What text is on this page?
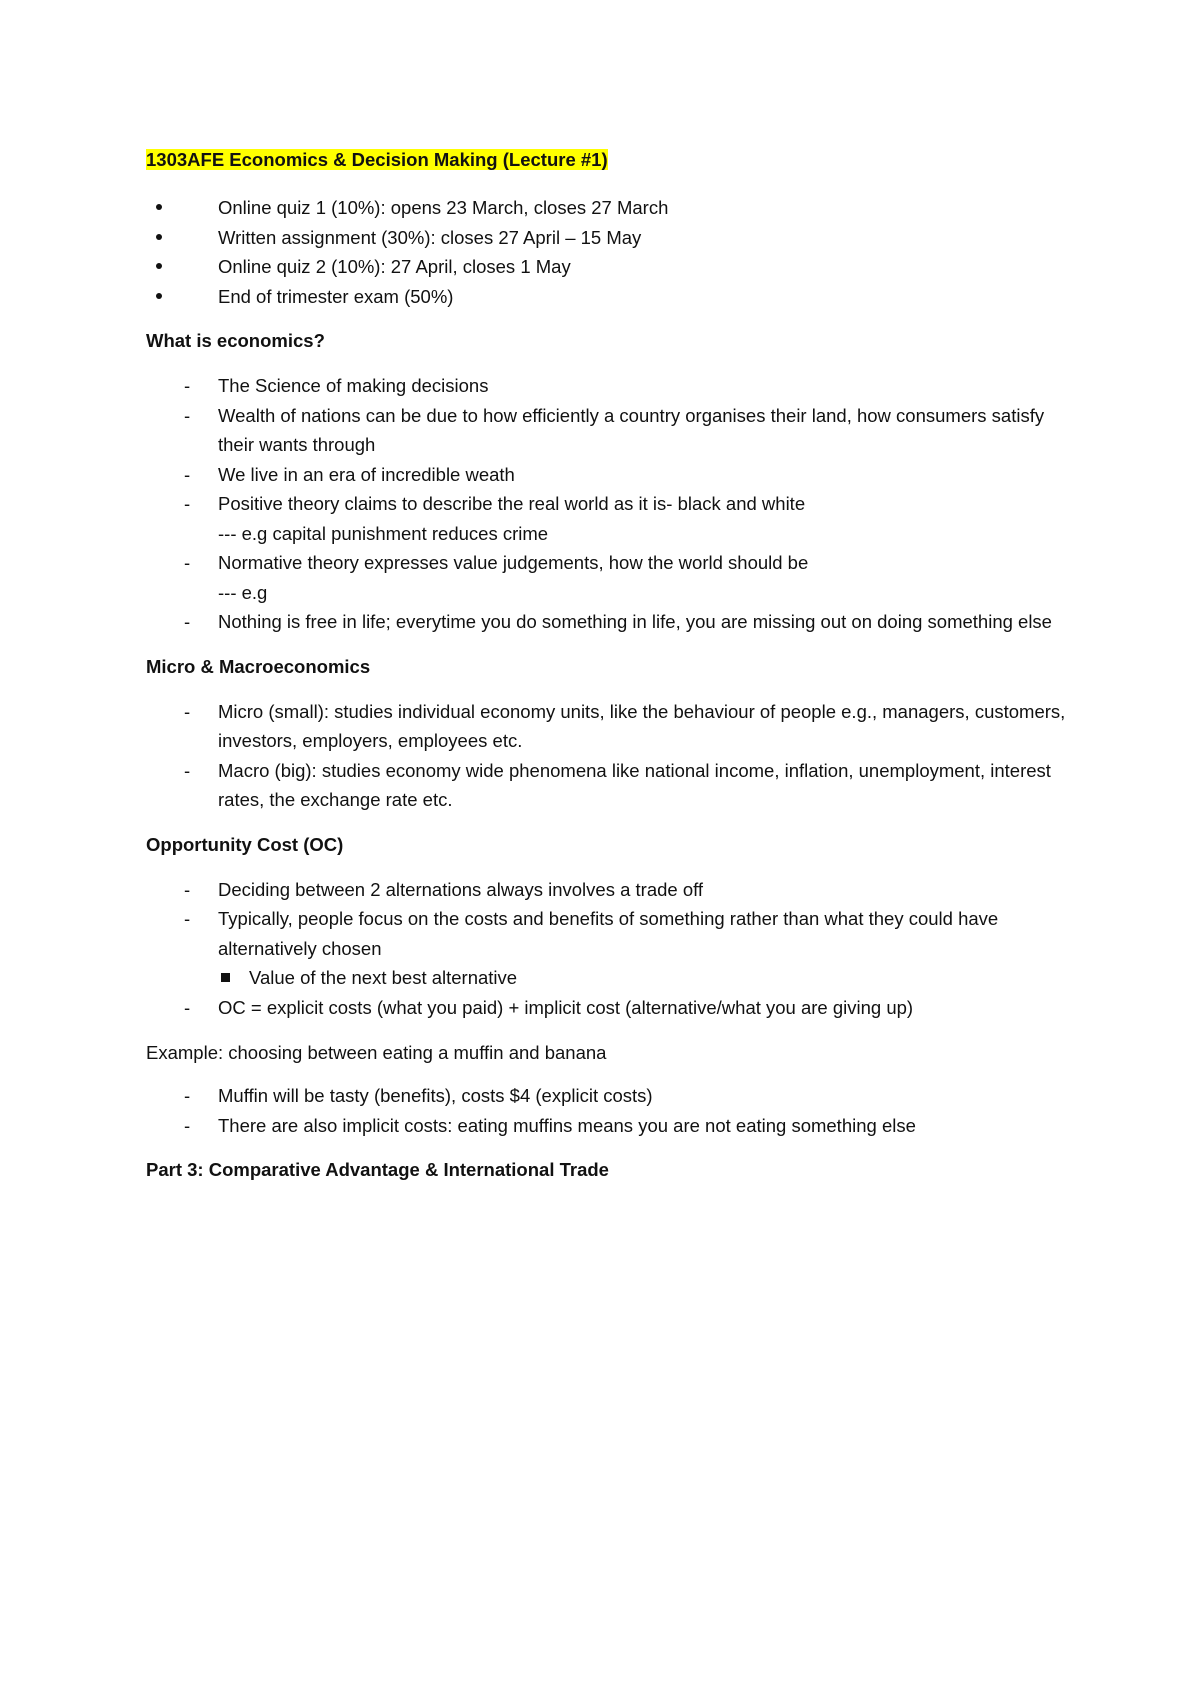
1303AFE Economics & Decision Making (Lecture #1)
Online quiz 1 (10%): opens 23 March, closes 27 March
Written assignment (30%): closes 27 April – 15 May
Online quiz 2 (10%): 27 April, closes 1 May
End of trimester exam (50%)
What is economics?
- The Science of making decisions
- Wealth of nations can be due to how efficiently a country organises their land, how consumers satisfy their wants through
- We live in an era of incredible weath
- Positive theory claims to describe the real world as it is- black and white
--- e.g capital punishment reduces crime
- Normative theory expresses value judgements, how the world should be
--- e.g
- Nothing is free in life; everytime you do something in life, you are missing out on doing something else
Micro & Macroeconomics
- Micro (small): studies individual economy units, like the behaviour of people e.g., managers, customers, investors, employers, employees etc.
- Macro (big): studies economy wide phenomena like national income, inflation, unemployment, interest rates, the exchange rate etc.
Opportunity Cost (OC)
- Deciding between 2 alternations always involves a trade off
- Typically, people focus on the costs and benefits of something rather than what they could have alternatively chosen
Value of the next best alternative
- OC = explicit costs (what you paid) + implicit cost (alternative/what you are giving up)
Example: choosing between eating a muffin and banana
- Muffin will be tasty (benefits), costs $4 (explicit costs)
- There are also implicit costs: eating muffins means you are not eating something else
Part 3: Comparative Advantage & International Trade
